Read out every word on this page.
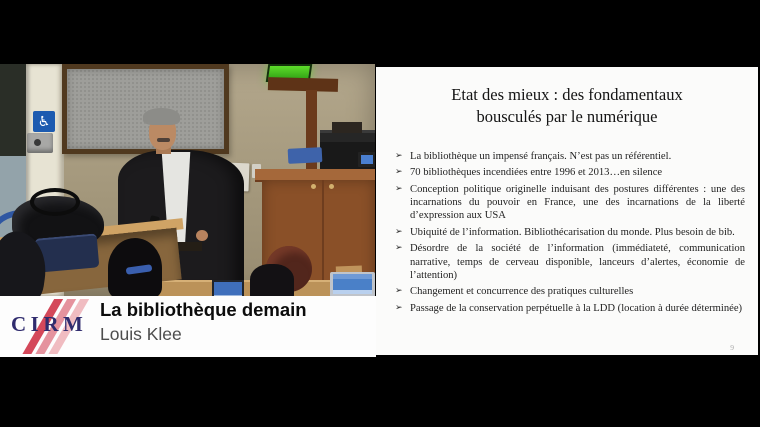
♿
Etat des mieux : des fondamentaux
bousculés par le numérique
➢ La bibliothèque un impensé français. N’est pas un référentiel.
➢ 70 bibliothèques incendiées entre 1996 et 2013…en silence
➢ Conception politique originelle induisant des postures différentes : une des incarnations du pouvoir en France, une des incarnations de la liberté d’expression aux USA
➢ Ubiquité de l’information. Bibliothécarisation du monde. Plus besoin de bib.
➢ Désordre de la société de l’information (immédiateté, communication narrative, temps de cerveau disponible, lanceurs d’alertes, économie de l’attention)
➢ Changement et concurrence des pratiques culturelles
➢ Passage de la conservation perpétuelle à la LDD (location à durée déterminée)
9
CIRM
La bibliothèque demain
Louis Klee
